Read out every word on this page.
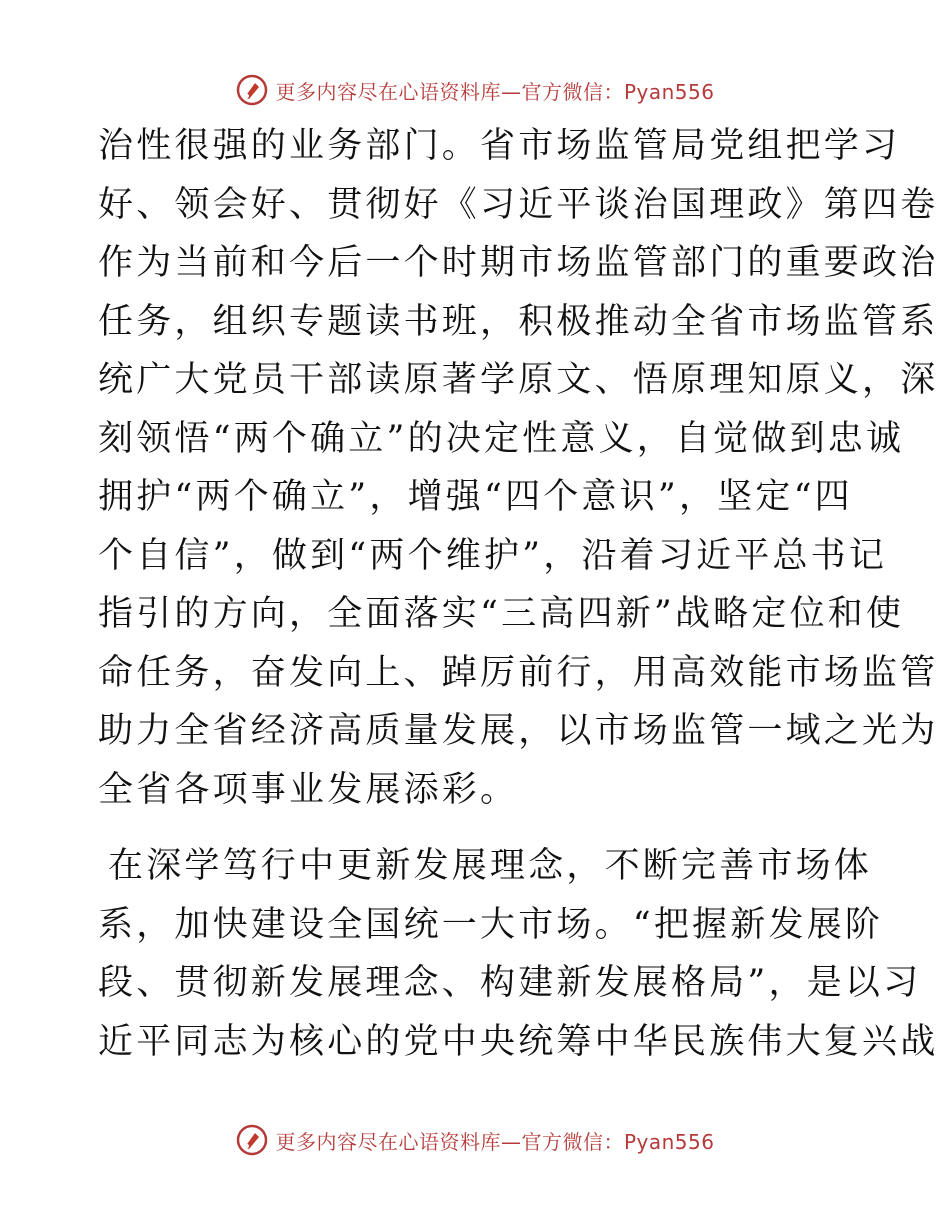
更多内容尽在心语资料库—官方微信：Pyan556
治性很强的业务部门。省市场监管局党组把学习
好、领会好、贯彻好《习近平谈治国理政》第四卷
作为当前和今后一个时期市场监管部门的重要政治
任务，组织专题读书班，积极推动全省市场监管系
统广大党员干部读原著学原文、悟原理知原义，深
刻领悟“两个确立”的决定性意义，自觉做到忠诚
拥护“两个确立”，增强“四个意识”，坚定“四
个自信”，做到“两个维护”，沿着习近平总书记
指引的方向，全面落实“三高四新”战略定位和使
命任务，奋发向上、踔厉前行，用高效能市场监管
助力全省经济高质量发展，以市场监管一域之光为
全省各项事业发展添彩。
在深学笃行中更新发展理念，不断完善市场体
系，加快建设全国统一大市场。“把握新发展阶
段、贯彻新发展理念、构建新发展格局”，是以习
近平同志为核心的党中央统筹中华民族伟大复兴战
更多内容尽在心语资料库—官方微信：Pyan556
